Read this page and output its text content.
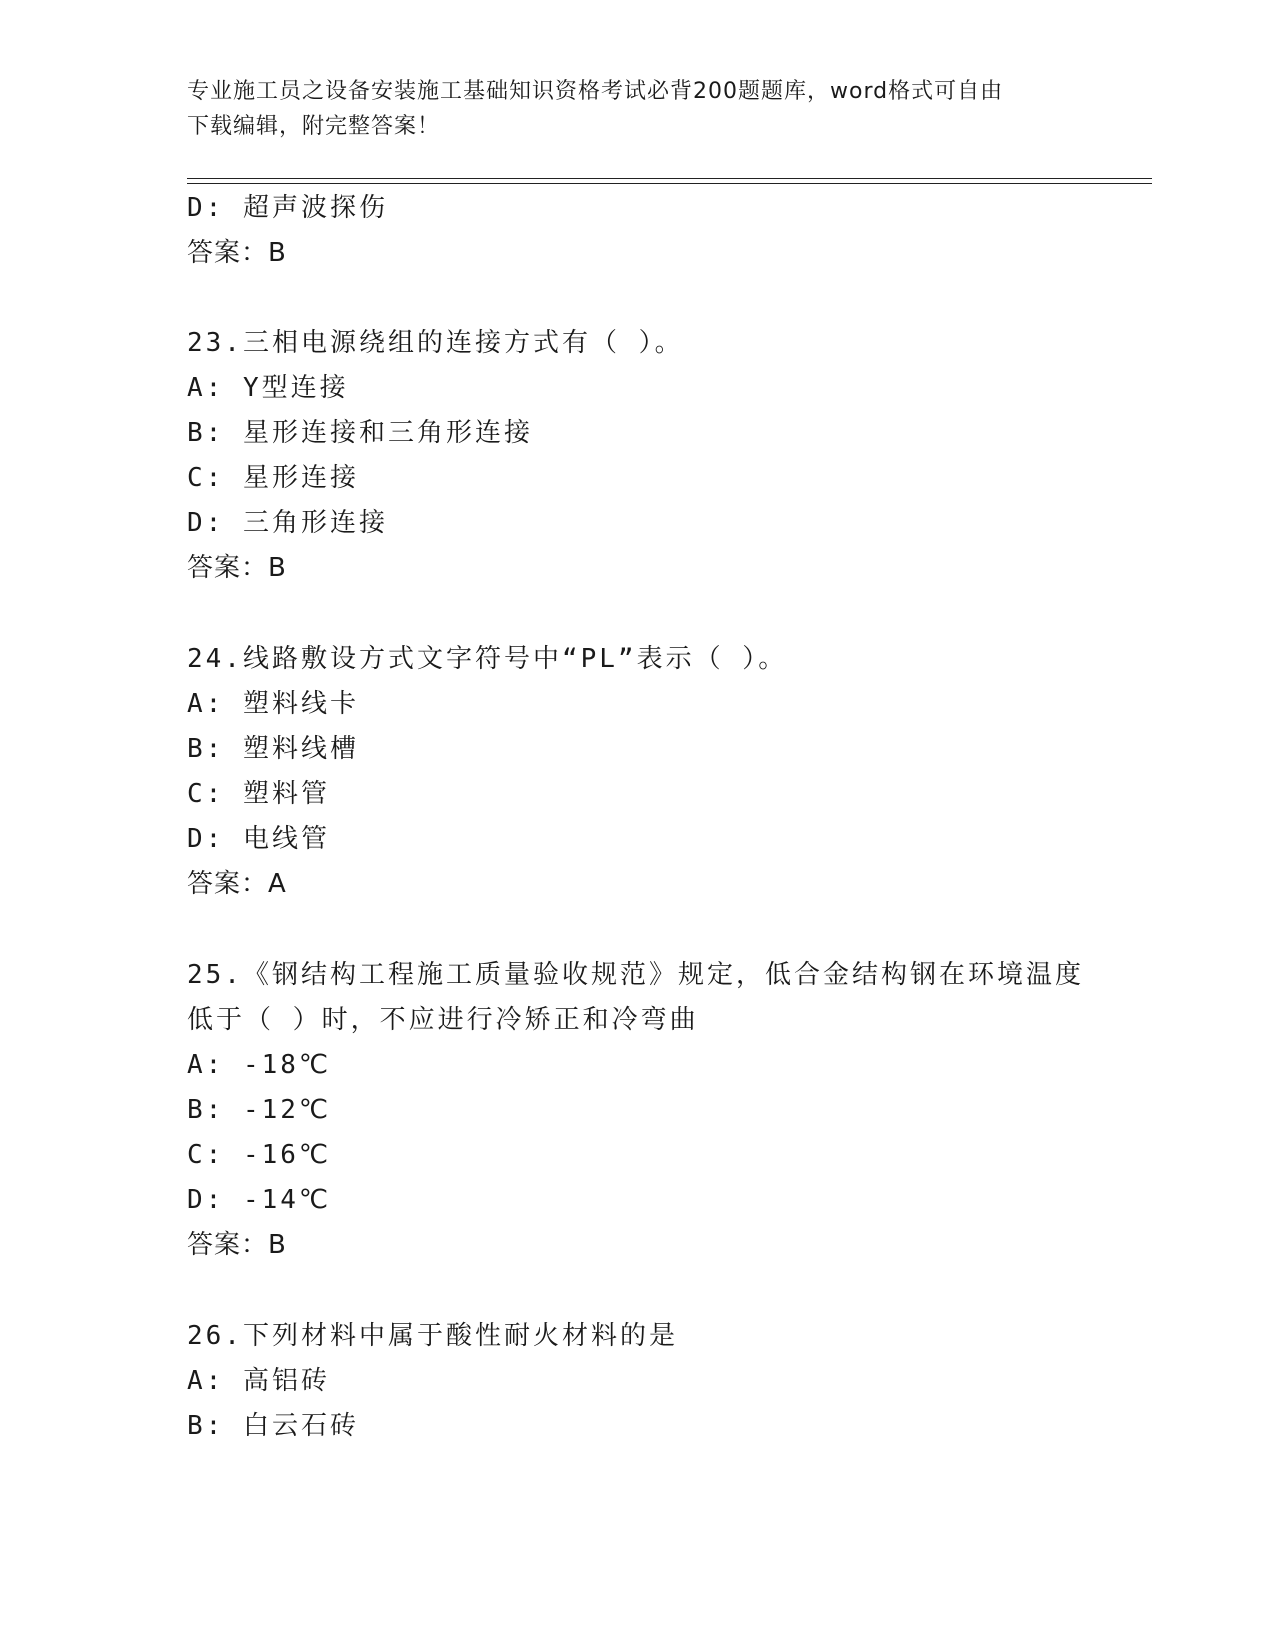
专业施工员之设备安装施工基础知识资格考试必背200题题库，word格式可自由
下载编辑，附完整答案！
D: 超声波探伤
答案：B
23.三相电源绕组的连接方式有（ ）。
A: Y型连接
B: 星形连接和三角形连接
C: 星形连接
D: 三角形连接
答案：B
24.线路敷设方式文字符号中“PL”表示（ ）。
A: 塑料线卡
B: 塑料线槽
C: 塑料管
D: 电线管
答案：A
25.《钢结构工程施工质量验收规范》规定，低合金结构钢在环境温度
低于（ ）时，不应进行冷矫正和冷弯曲
A: -18℃
B: -12℃
C: -16℃
D: -14℃
答案：B
26.下列材料中属于酸性耐火材料的是
A: 高铝砖
B: 白云石砖
